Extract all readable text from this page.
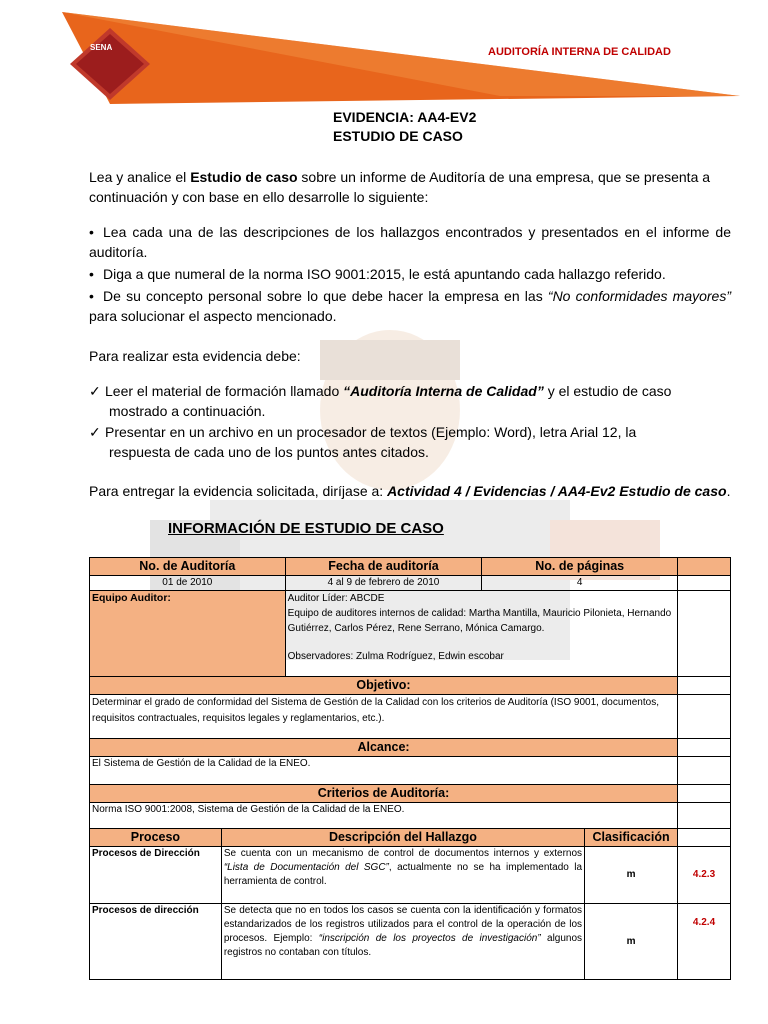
SENA	AUDITORÍA INTERNA DE CALIDAD
EVIDENCIA: AA4-EV2
ESTUDIO DE CASO
Lea y analice el Estudio de caso sobre un informe de Auditoría de una empresa, que se presenta a continuación y con base en ello desarrolle lo siguiente:
• Lea cada una de las descripciones de los hallazgos encontrados y presentados en el informe de auditoría.
• Diga a que numeral de la norma ISO 9001:2015, le está apuntando cada hallazgo referido.
• De su concepto personal sobre lo que debe hacer la empresa en las “No conformidades mayores” para solucionar el aspecto mencionado.
Para realizar esta evidencia debe:
✓ Leer el material de formación llamado “Auditoría Interna de Calidad” y el estudio de caso
mostrado a continuación.
✓ Presentar en un archivo en un procesador de textos (Ejemplo: Word), letra Arial 12, la
respuesta de cada uno de los puntos antes citados.
Para entregar la evidencia solicitada, diríjase a: Actividad 4 / Evidencias / AA4-Ev2 Estudio de caso.
INFORMACIÓN DE ESTUDIO DE CASO
No. de Auditoría		Fecha de auditoría	No. de páginas		
01 de 2010		4 al 9 de febrero de 2010	4		
Equipo Auditor:		Auditor Líder: ABCDE
Equipo de auditores internos de calidad: Martha Mantilla, Mauricio Pilonieta, Hernando Gutiérrez, Carlos Pérez, Rene Serrano, Mónica Camargo.
Observadores: Zulma Rodríguez, Edwin escobar			

Objetivo:					
Determinar el grado de conformidad del Sistema de Gestión de la Calidad con los criterios de Auditoría (ISO 9001, documentos, requisitos contractuales, requisitos legales y reglamentarios, etc.).					
Alcance:					
El Sistema de Gestión de la Calidad de la ENEO.					
Criterios de Auditoría:					
Norma ISO 9001:2008, Sistema de Gestión de la Calidad de la ENEO.					
Proceso	Descripción del Hallazgo			Clasificación	
Procesos de Dirección	Se cuenta con un mecanismo de control de documentos internos y externos “Lista de Documentación del SGC”, actualmente no se ha implementado la herramienta de control.			m	4.2.3
Procesos de dirección	Se detecta que no en todos los casos se cuenta con la identificación y formatos estandarizados de los registros utilizados para el control de la operación de los procesos. Ejemplo: “inscripción de los proyectos de investigación” algunos registros no contaban con títulos.			m	4.2.4
